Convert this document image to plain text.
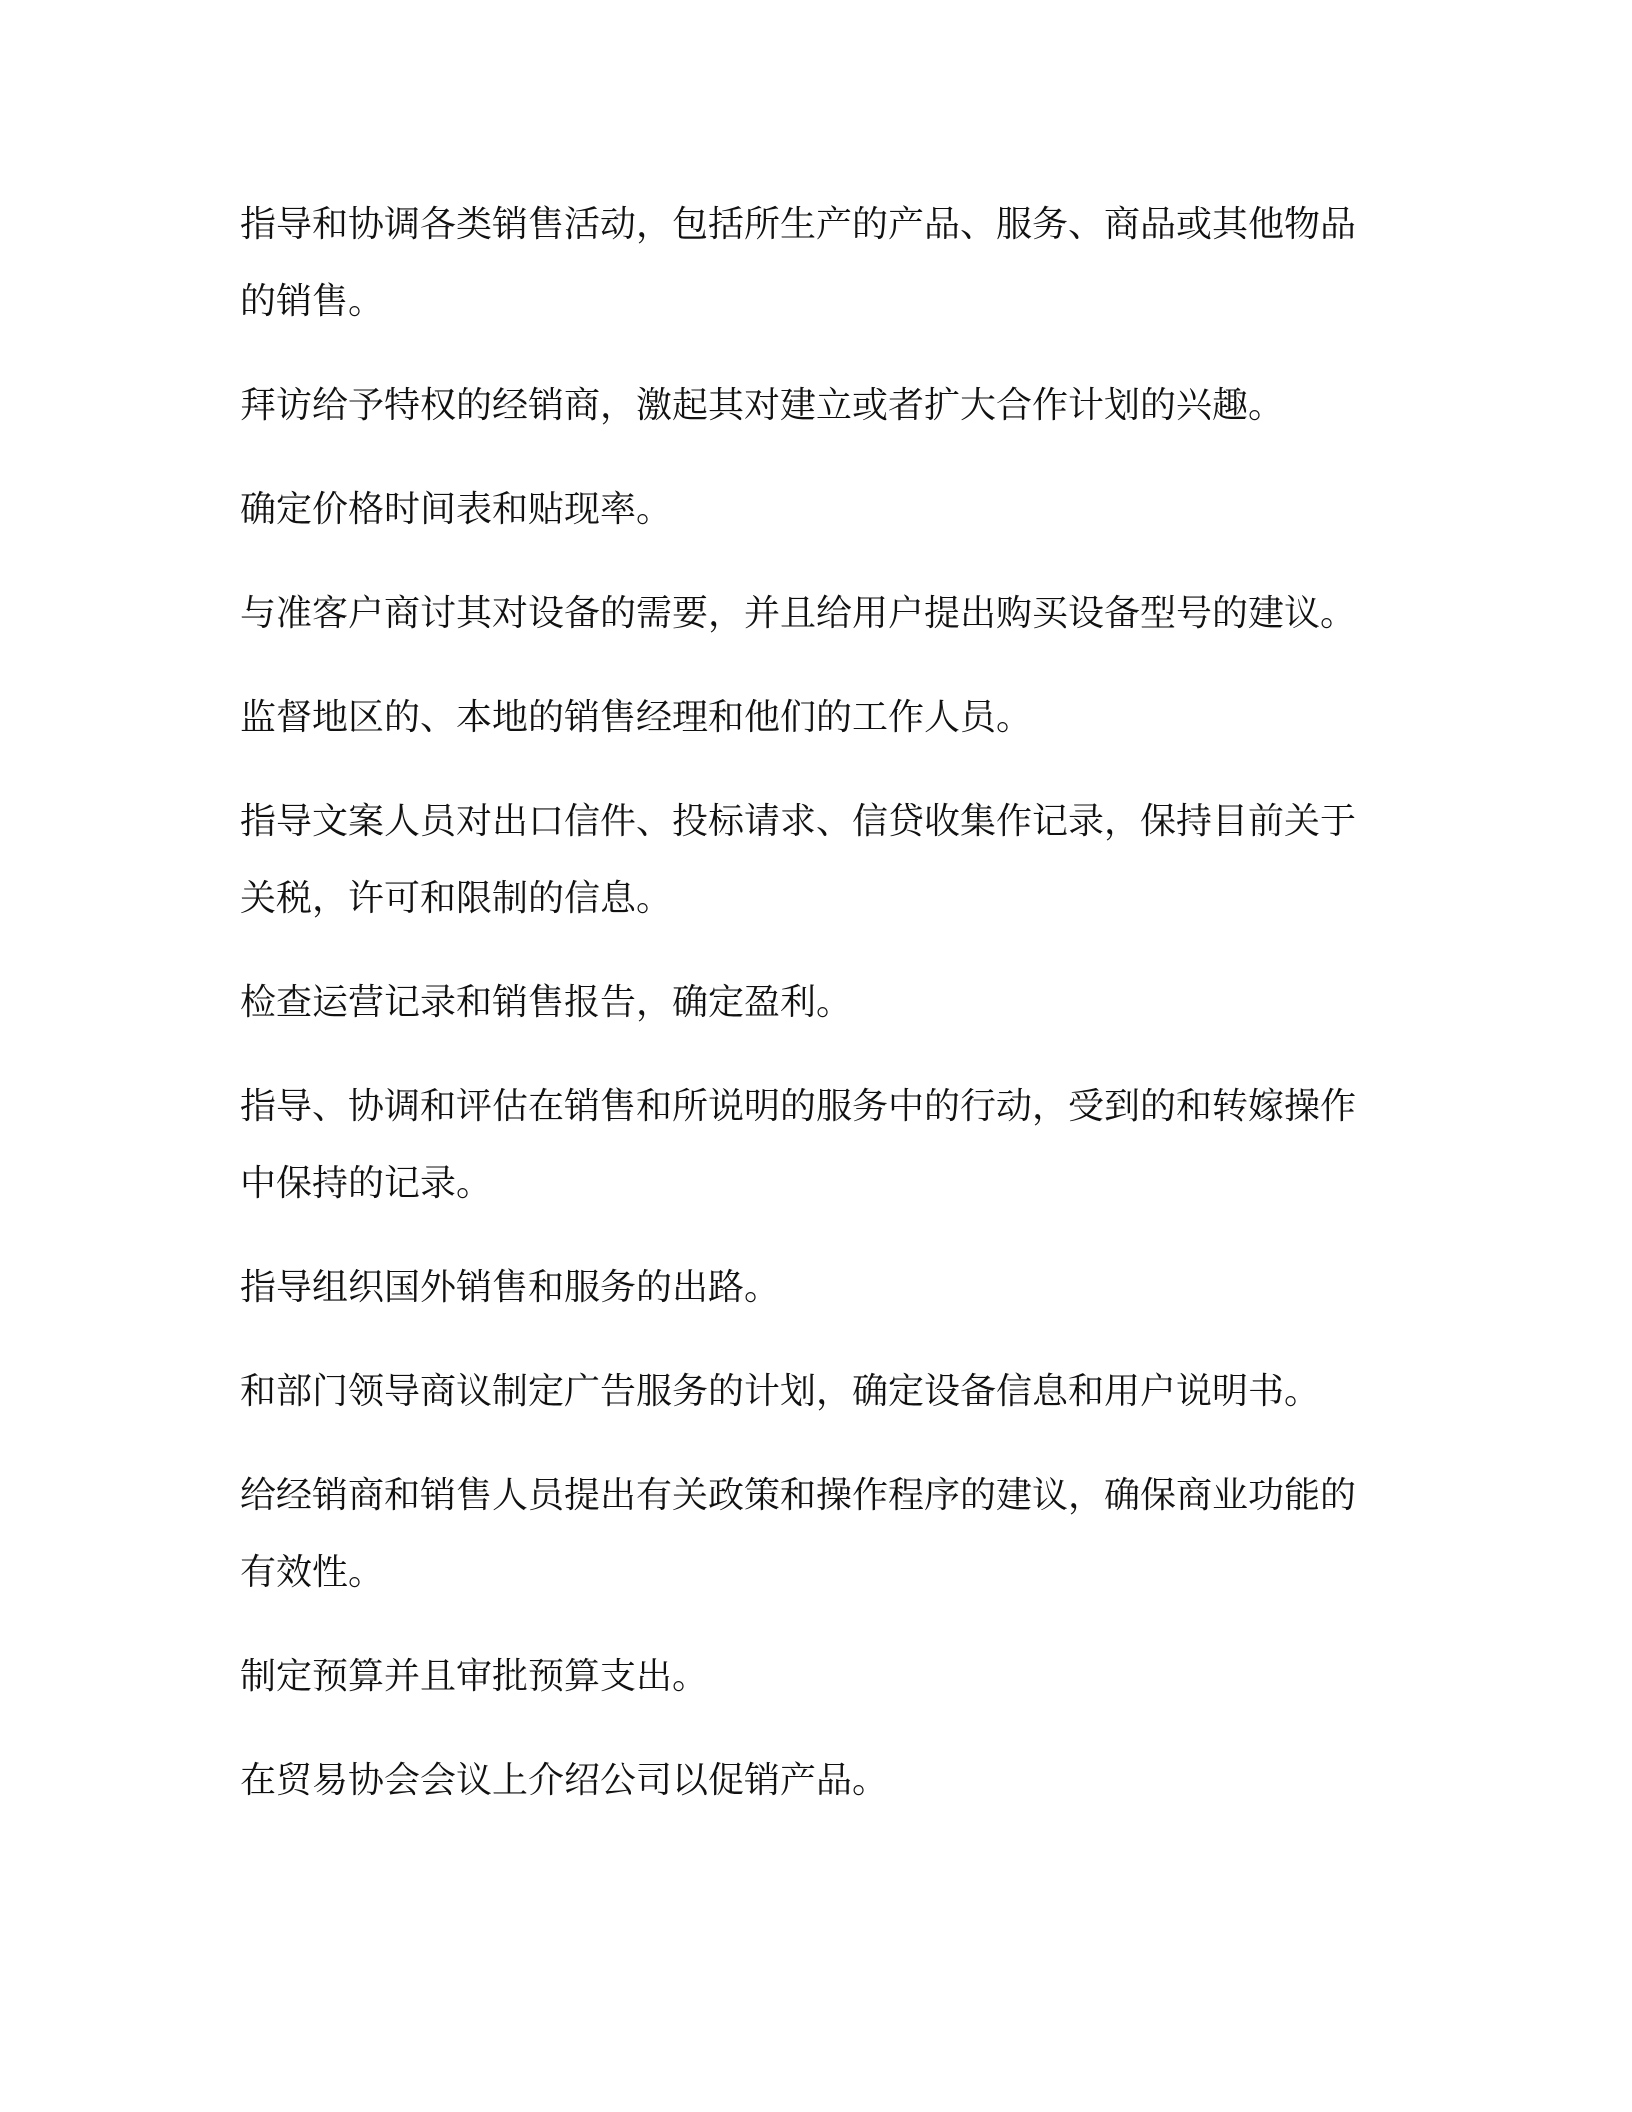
指导和协调各类销售活动，包括所生产的产品、服务、商品或其他物品的销售。

拜访给予特权的经销商，激起其对建立或者扩大合作计划的兴趣。

确定价格时间表和贴现率。

与准客户商讨其对设备的需要，并且给用户提出购买设备型号的建议。

监督地区的、本地的销售经理和他们的工作人员。

指导文案人员对出口信件、投标请求、信贷收集作记录，保持目前关于关税，许可和限制的信息。

检查运营记录和销售报告，确定盈利。

指导、协调和评估在销售和所说明的服务中的行动，受到的和转嫁操作中保持的记录。

指导组织国外销售和服务的出路。

和部门领导商议制定广告服务的计划，确定设备信息和用户说明书。

给经销商和销售人员提出有关政策和操作程序的建议，确保商业功能的有效性。

制定预算并且审批预算支出。

在贸易协会会议上介绍公司以促销产品。
